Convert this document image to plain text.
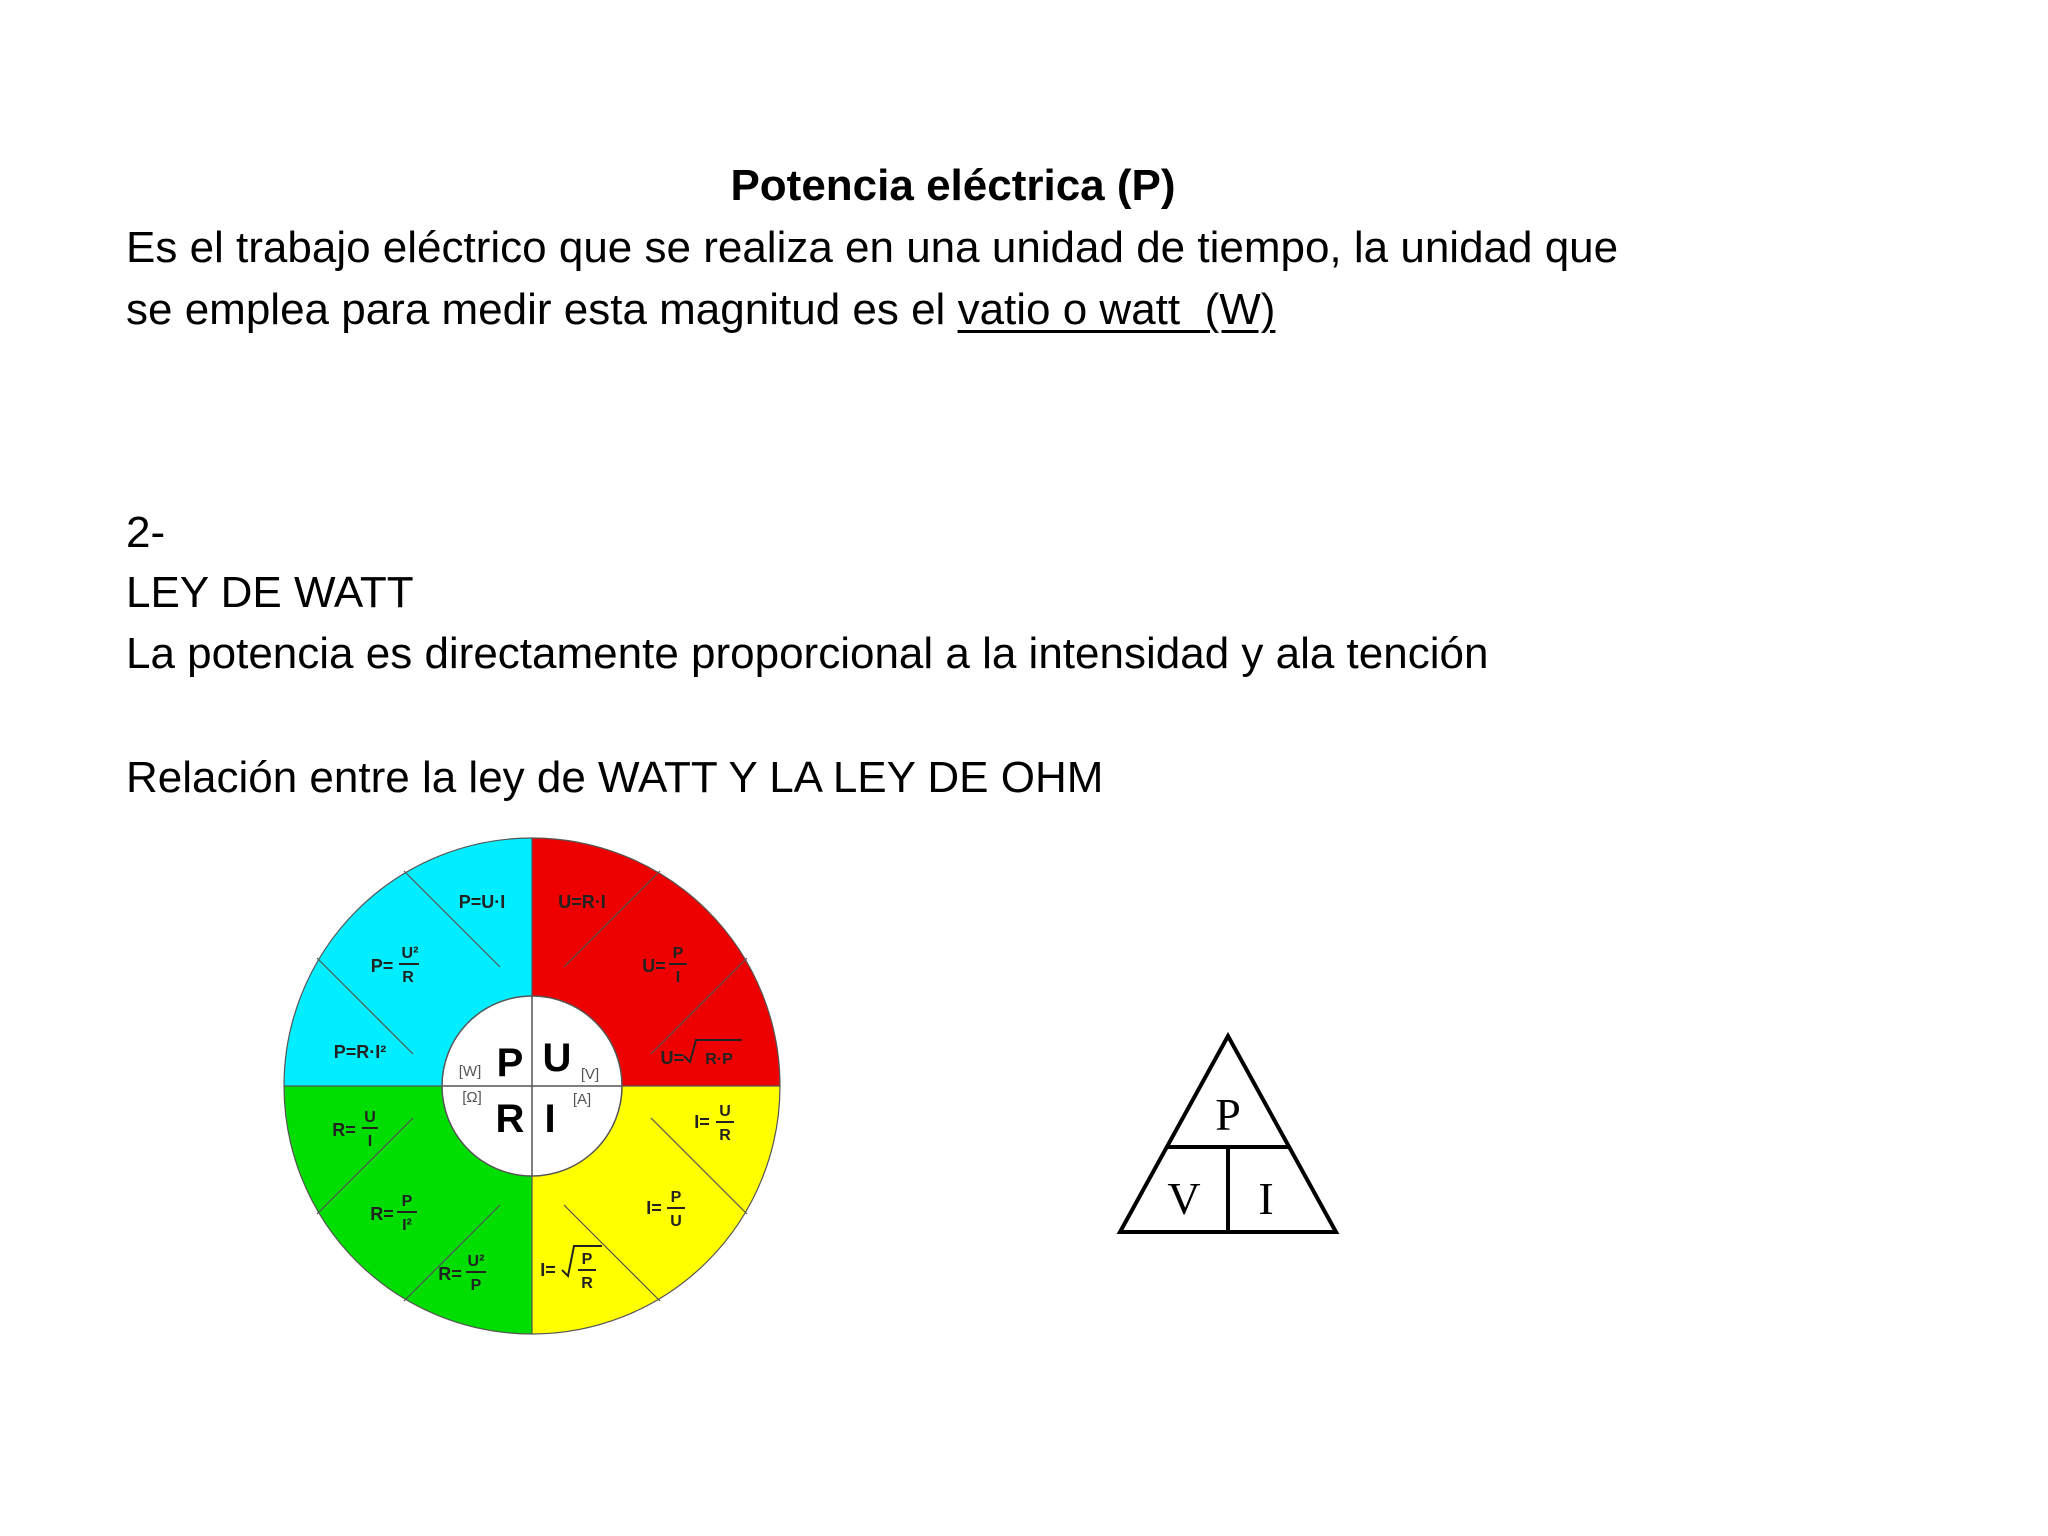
Potencia eléctrica (P)
Es el trabajo eléctrico que se realiza en una unidad de tiempo, la unidad que
se emplea para medir esta magnitud es el vatio o watt  (W)
2-
LEY DE WATT
La potencia es directamente proporcional a la intensidad y ala tención
Relación entre la ley de WATT Y LA LEY DE OHM
P
[W] U [V]
R
[Ω] I [A]
P=U·I
P=
U²
R
P=R·I²
U=R·I
U=
P
I
U= R·P
I=
U
R
I=
P
U
I=
P
R
R=
U
I
R=
P
I²
R=
U²
P
P
V I
